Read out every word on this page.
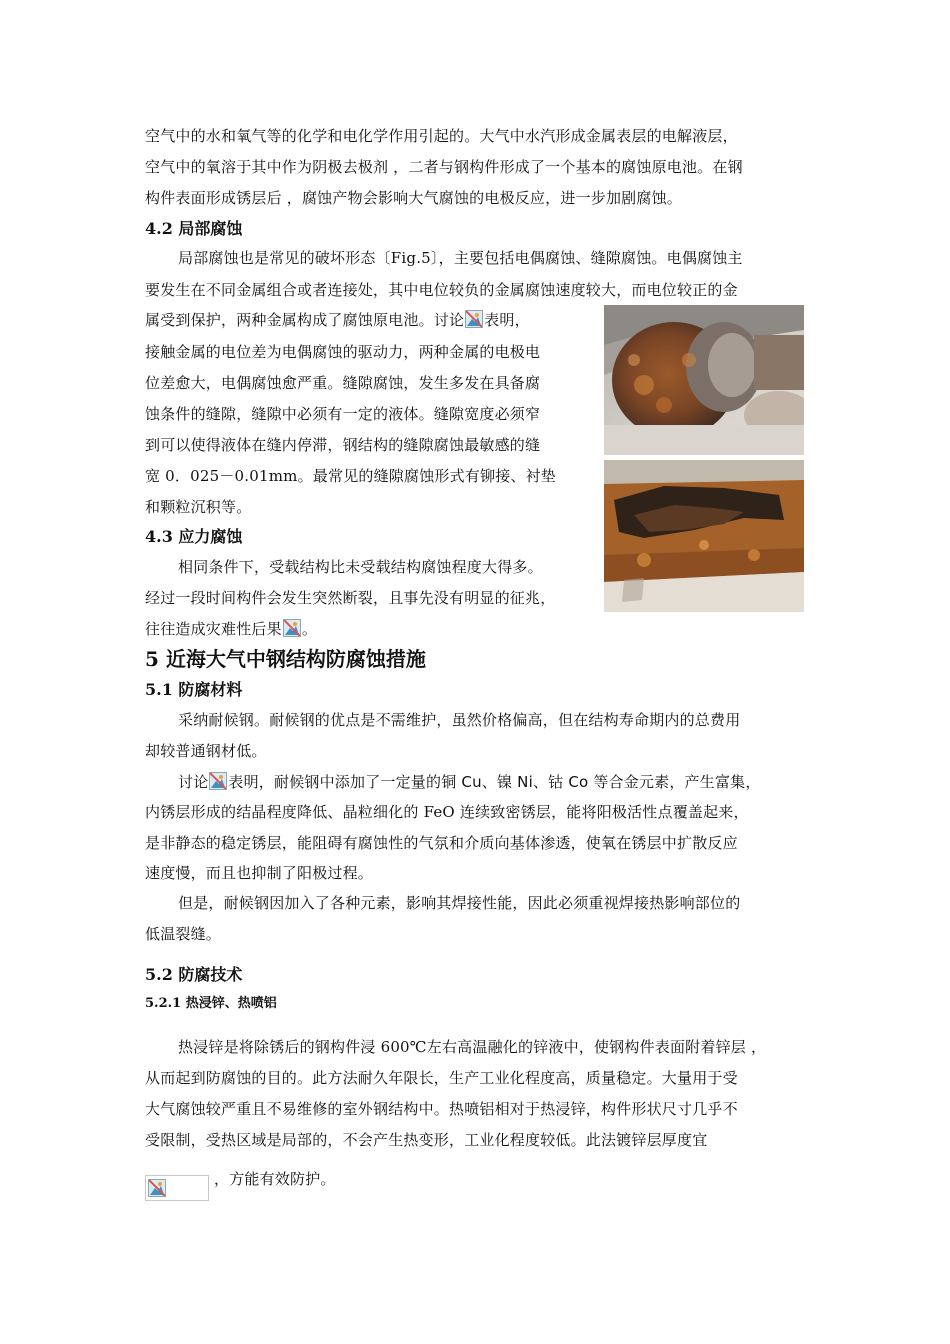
空气中的水和氧气等的化学和电化学作用引起的。大气中水汽形成金属表层的电解液层，
空气中的氧溶于其中作为阴极去极剂 ，二者与钢构件形成了一个基本的腐蚀原电池。在钢
构件表面形成锈层后 ，腐蚀产物会影响大气腐蚀的电极反应，进一步加剧腐蚀。
4.2 局部腐蚀
局部腐蚀也是常见的破坏形态〔Fig.5〕，主要包括电偶腐蚀、缝隙腐蚀。电偶腐蚀主
要发生在不同金属组合或者连接处，其中电位较负的金属腐蚀速度较大，而电位较正的金
属受到保护，两种金属构成了腐蚀原电池。讨论 表明，
接触金属的电位差为电偶腐蚀的驱动力，两种金属的电极电
位差愈大，电偶腐蚀愈严重。缝隙腐蚀，发生多发在具备腐
蚀条件的缝隙，缝隙中必须有一定的液体。缝隙宽度必须窄
到可以使得液体在缝内停滞，钢结构的缝隙腐蚀最敏感的缝
宽 0．025－0.01mm。最常见的缝隙腐蚀形式有铆接、衬垫
和颗粒沉积等。
4.3 应力腐蚀
相同条件下，受载结构比未受载结构腐蚀程度大得多。
经过一段时间构件会发生突然断裂，且事先没有明显的征兆，
往往造成灾难性后果 。
5 近海大气中钢结构防腐蚀措施
5.1 防腐材料
采纳耐候钢。耐候钢的优点是不需维护，虽然价格偏高，但在结构寿命期内的总费用
却较普通钢材低。
讨论 表明，耐候钢中添加了一定量的铜 Cu、镍 Ni、钴 Co 等合金元素，产生富集，
内锈层形成的结晶程度降低、晶粒细化的 FeO 连续致密锈层，能将阳极活性点覆盖起来，
是非静态的稳定锈层，能阻碍有腐蚀性的气氛和介质向基体渗透，使氧在锈层中扩散反应
速度慢，而且也抑制了阳极过程。
但是，耐候钢因加入了各种元素，影响其焊接性能，因此必须重视焊接热影响部位的
低温裂缝。
5.2 防腐技术
5.2.1 热浸锌、热喷铝
热浸锌是将除锈后的钢构件浸 600℃左右高温融化的锌液中，使钢构件表面附着锌层 ，
从而起到防腐蚀的目的。此方法耐久年限长，生产工业化程度高，质量稳定。大量用于受
大气腐蚀较严重且不易维修的室外钢结构中。热喷铝相对于热浸锌，构件形状尺寸几乎不
受限制，受热区域是局部的，不会产生热变形，工业化程度较低。此法镀锌层厚度宜
，方能有效防护。
